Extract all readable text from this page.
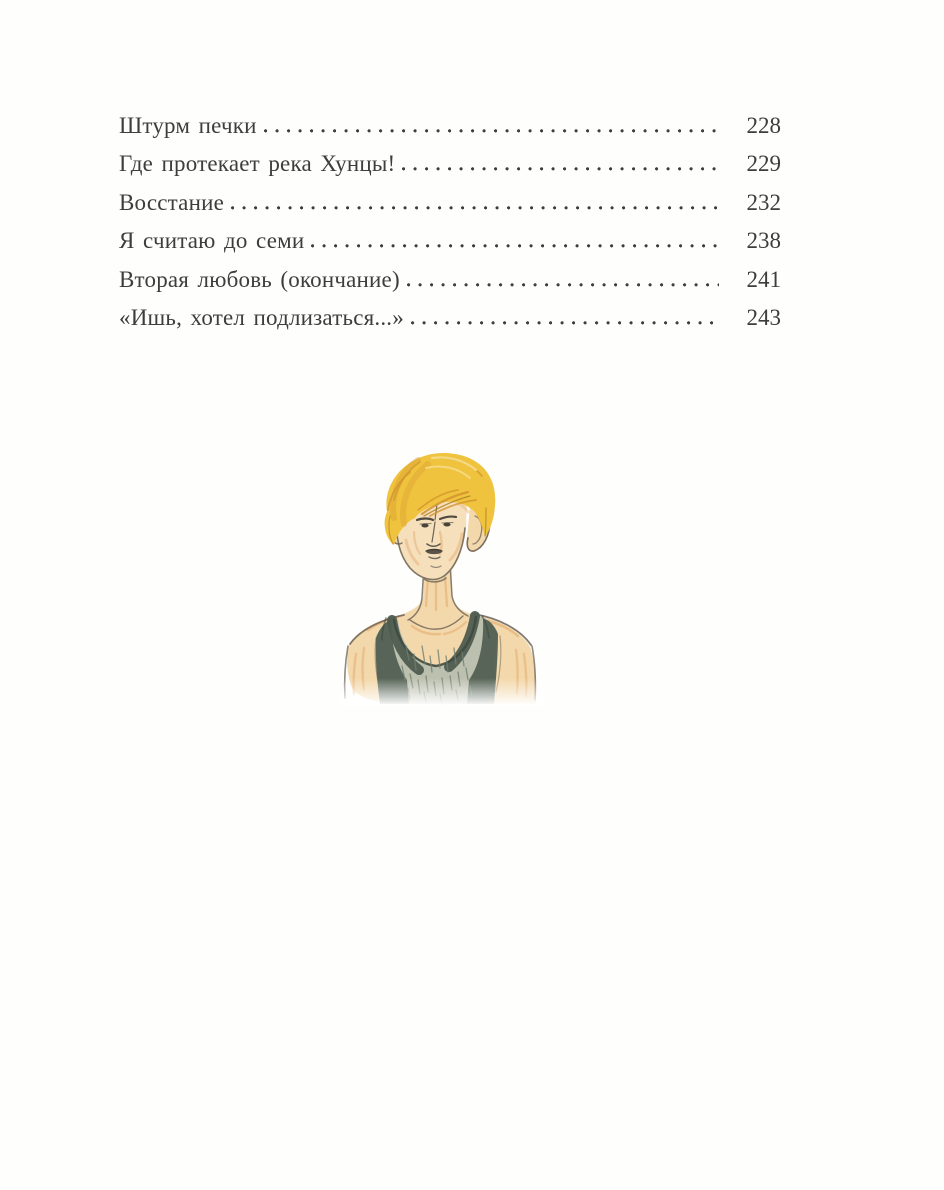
Штурм печки	228
Где протекает река Хунцы!	229
Восстание	232
Я считаю до семи	238
Вторая любовь (окончание)	241
«Ишь, хотел подлизаться...»	243
